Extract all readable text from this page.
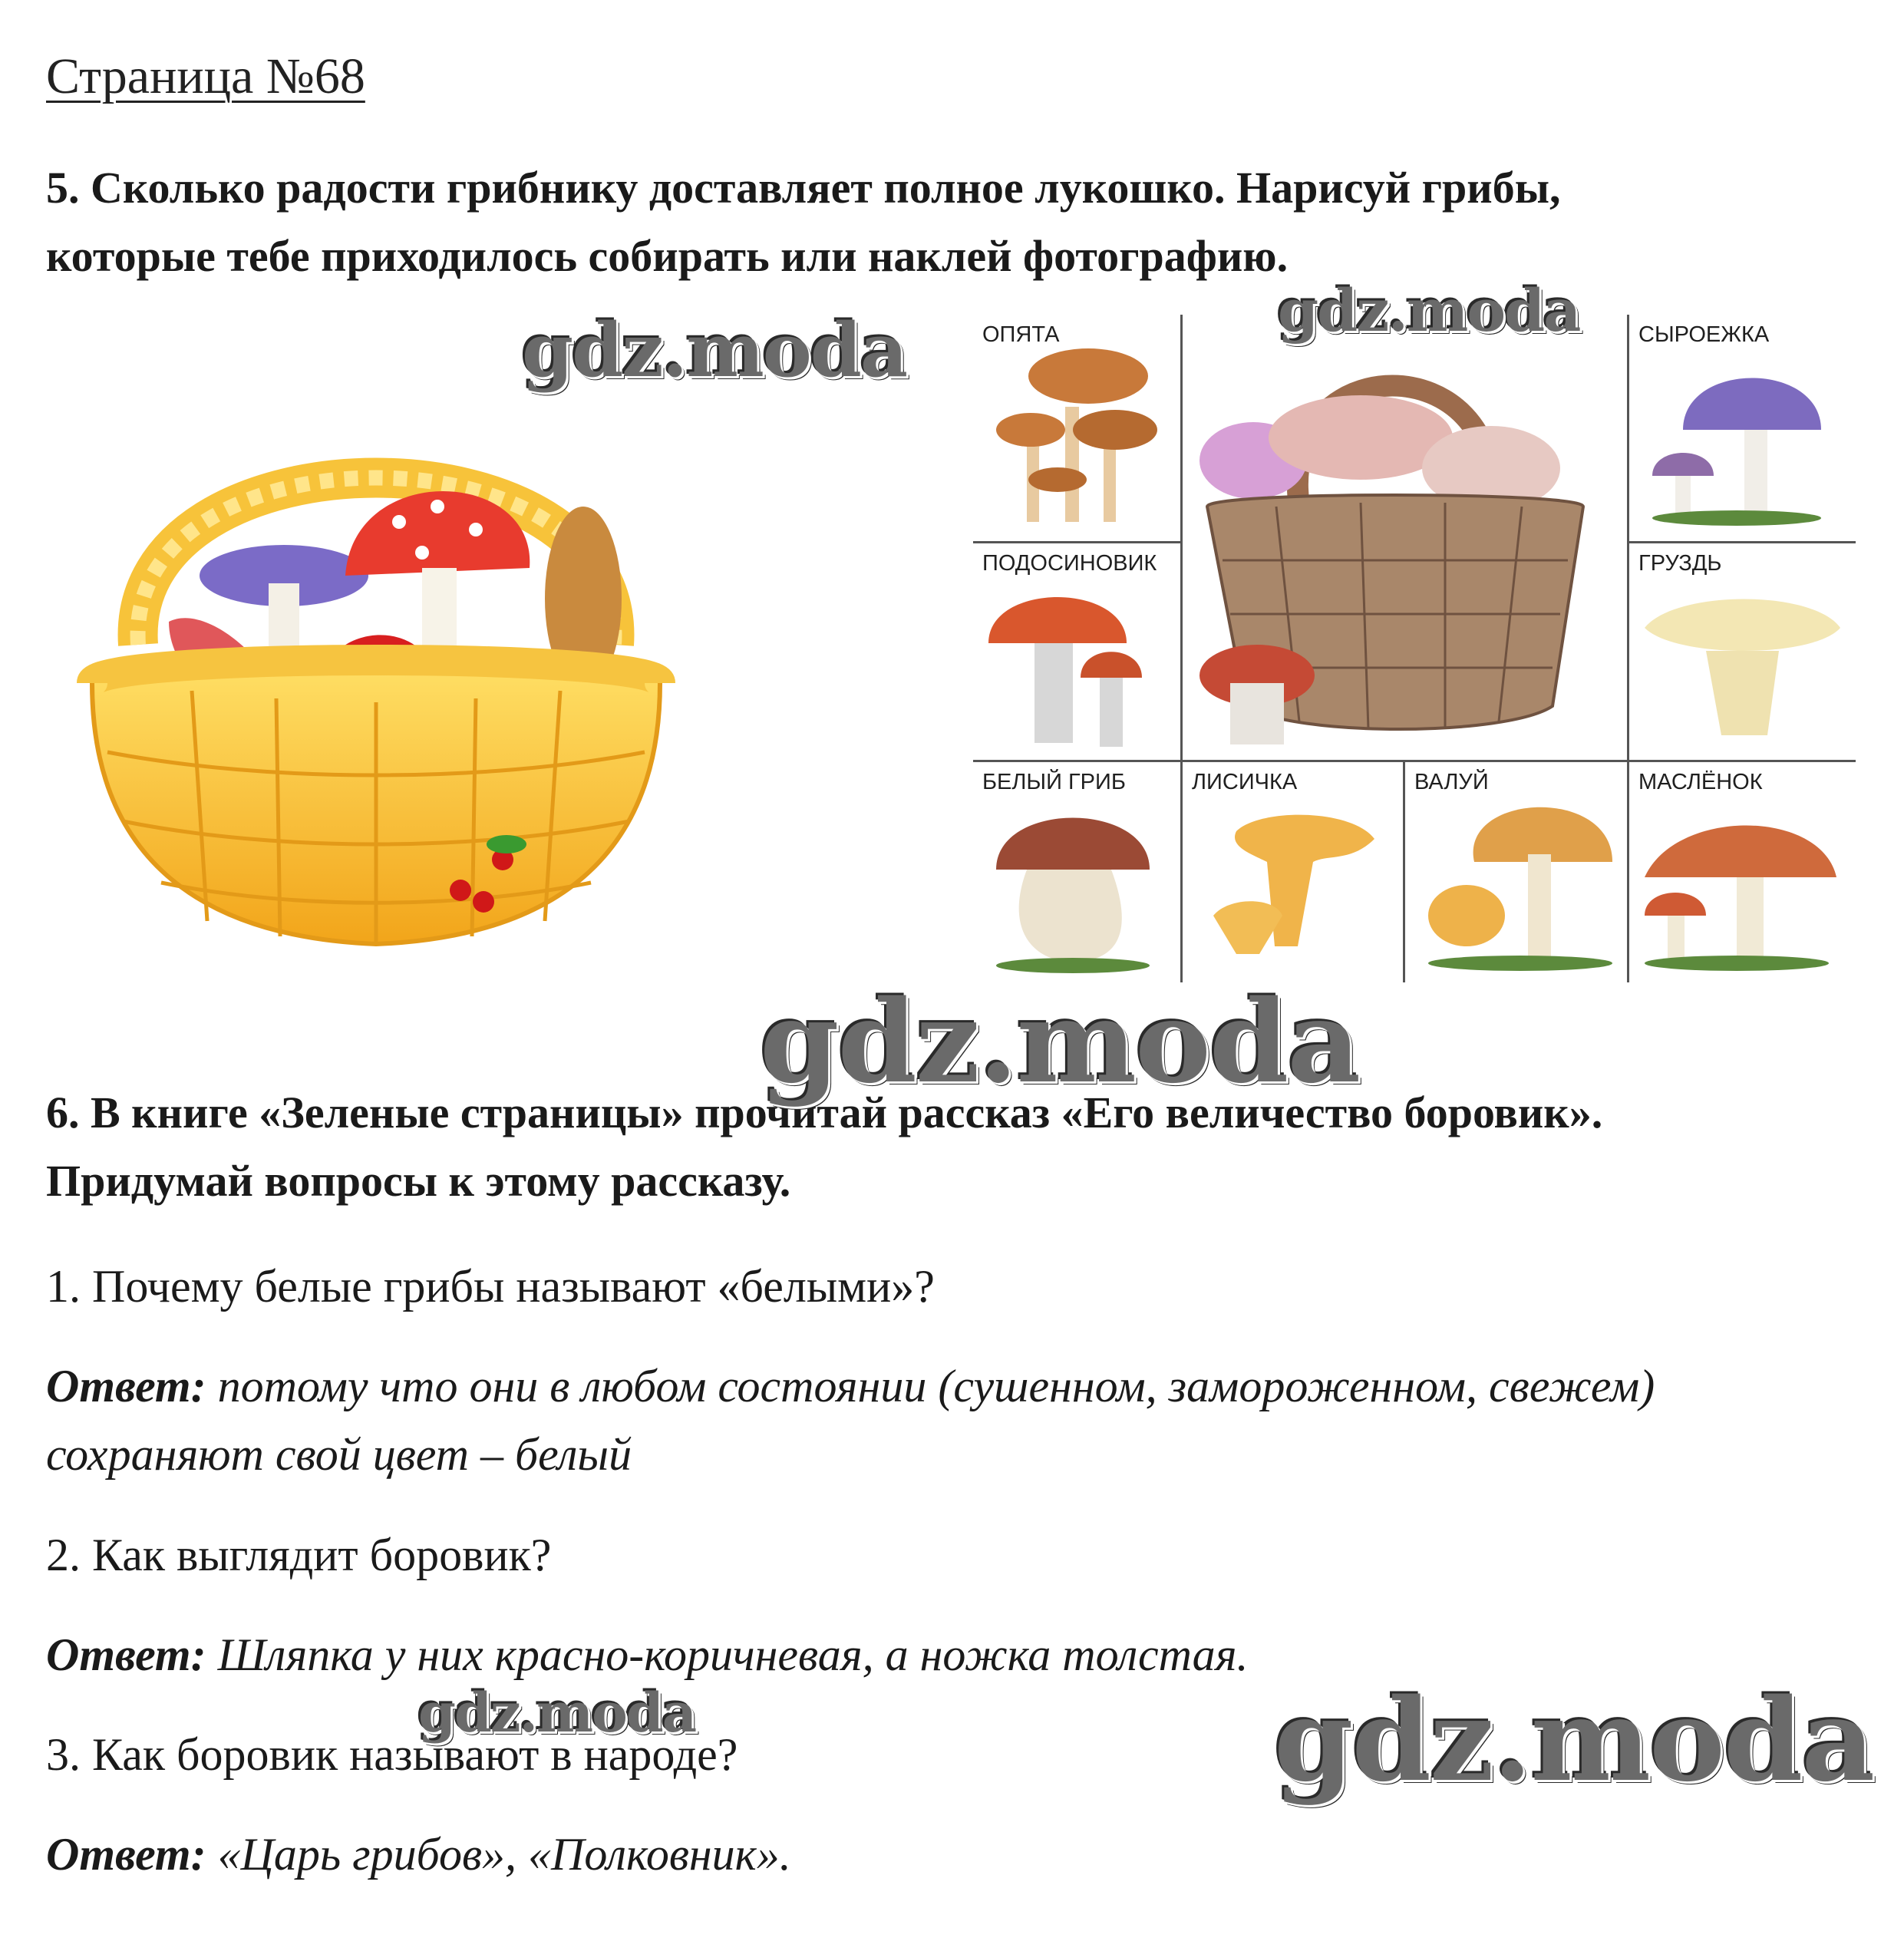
Страница №68

5. Сколько радости грибнику доставляет полное лукошко. Нарисуй грибы,

которые тебе приходилось собирать или наклей фотографию.

ОПЯТА	СЫРОЕЖКА
ПОДОСИНОВИК	ГРУЗДЬ
БЕЛЫЙ ГРИБ	ЛИСИЧКА	ВАЛУЙ	МАСЛЁНОК

6. В книге «Зеленые страницы» прочитай рассказ «Его величество боровик».

Придумай вопросы к этому рассказу.

1. Почему белые грибы называют «белыми»?
Ответ: потому что они в любом состоянии (сушенном, замороженном, свежем)
сохраняют свой цвет – белый
2. Как выглядит боровик?
Ответ: Шляпка у них красно-коричневая, а ножка толстая.
3. Как боровик называют в народе?
Ответ: «Царь грибов», «Полковник».
gdz.moda	gdz.moda
gdz.moda
gdz.moda	gdz.moda
